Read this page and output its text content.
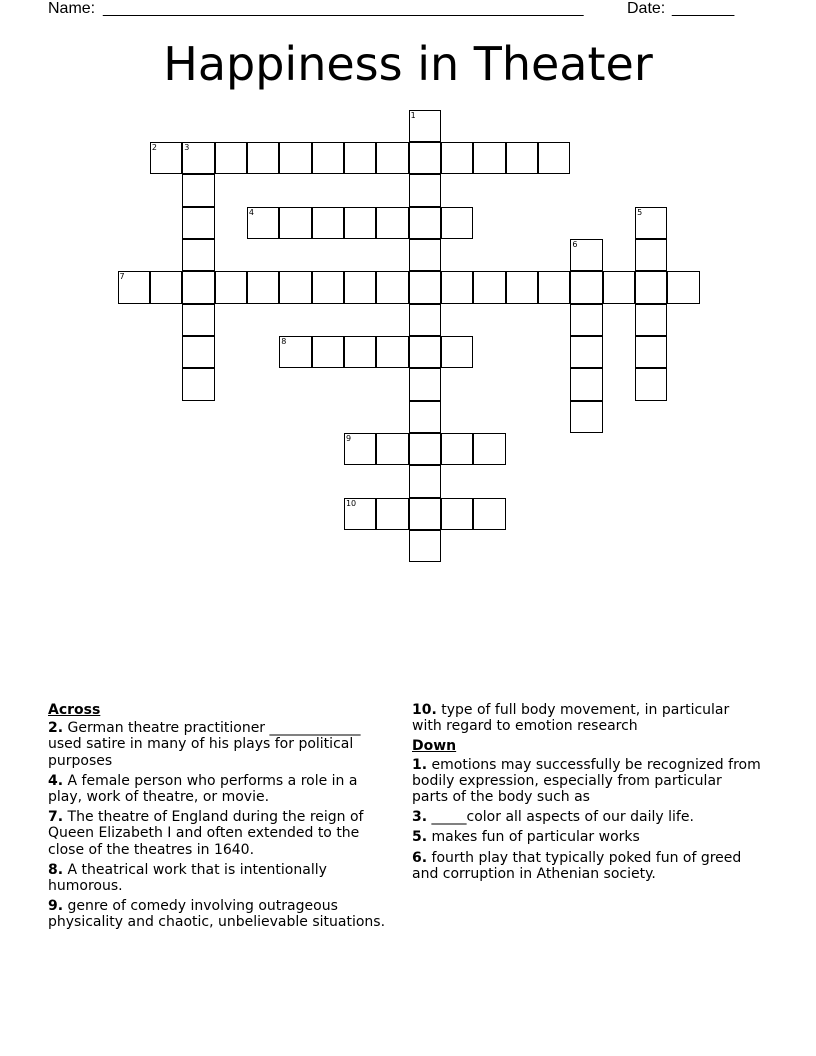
Name: ______________________________________________________	Date: _______
Happiness in Theater
1
2	3
4	5
6
7
8
9
10
Across
2. German theatre practitioner _____________ used satire in many of his plays for political purposes
4. A female person who performs a role in a play, work of theatre, or movie.
7. The theatre of England during the reign of Queen Elizabeth I and often extended to the close of the theatres in 1640.
8. A theatrical work that is intentionally humorous.
9. genre of comedy involving outrageous physicality and chaotic, unbelievable situations.
10. type of full body movement, in particular with regard to emotion research
Down
1. emotions may successfully be recognized from bodily expression, especially from particular parts of the body such as
3. _____color all aspects of our daily life.
5. makes fun of particular works
6. fourth play that typically poked fun of greed and corruption in Athenian society.
